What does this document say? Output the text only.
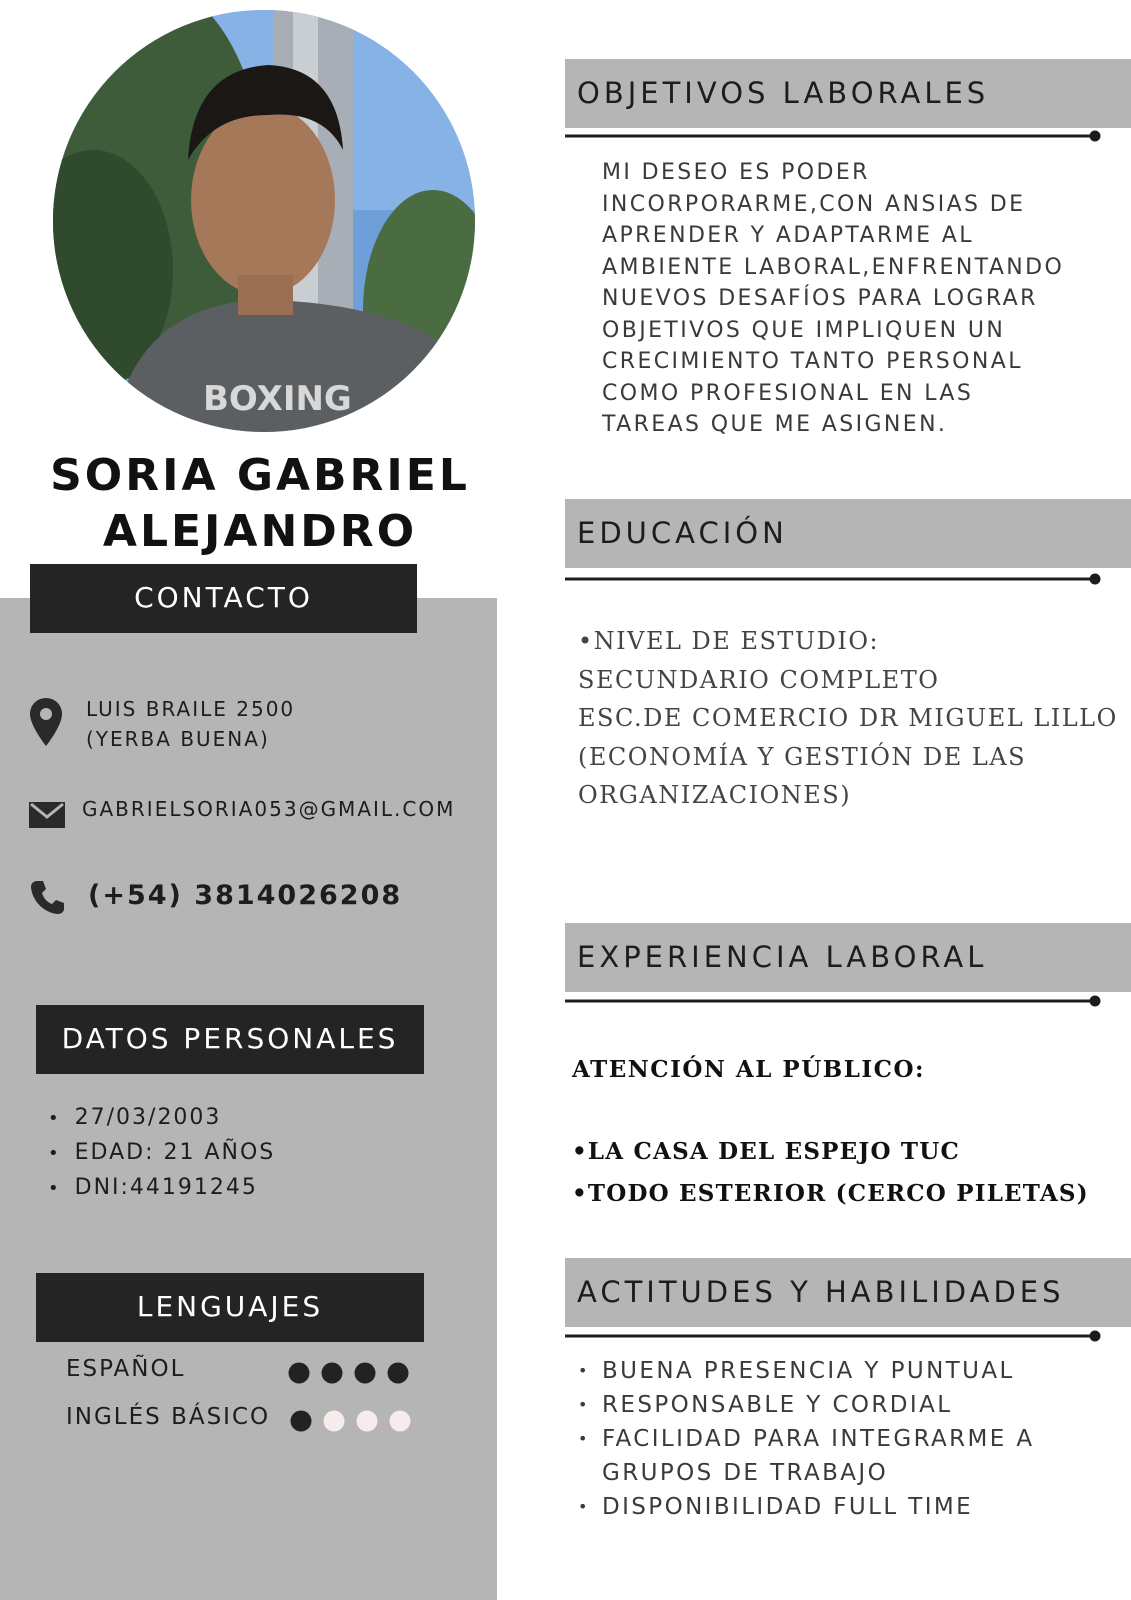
BOXING
SORIA GABRIEL
ALEJANDRO
CONTACTO
LUIS BRAILE 2500
(YERBA BUENA)
GABRIELSORIA053@GMAIL.COM
(+54) 3814026208
DATOS PERSONALES
• 27/03/2003
• EDAD: 21 AÑOS
• DNI:44191245
LENGUAJES
ESPAÑOL
INGLÉS BÁSICO
OBJETIVOS LABORALES
MI DESEO ES PODER
INCORPORARME,CON ANSIAS DE
APRENDER Y ADAPTARME AL
AMBIENTE LABORAL,ENFRENTANDO
NUEVOS DESAFÍOS PARA LOGRAR
OBJETIVOS QUE IMPLIQUEN UN
CRECIMIENTO TANTO PERSONAL
COMO PROFESIONAL EN LAS
TAREAS QUE ME ASIGNEN.
EDUCACIÓN
•NIVEL DE ESTUDIO:
SECUNDARIO COMPLETO
ESC.DE COMERCIO DR MIGUEL LILLO
(ECONOMÍA Y GESTIÓN DE LAS
ORGANIZACIONES)
EXPERIENCIA LABORAL
ATENCIÓN AL PÚBLICO:
•LA CASA DEL ESPEJO TUC
•TODO ESTERIOR (CERCO PILETAS)
ACTITUDES Y HABILIDADES
• BUENA PRESENCIA Y PUNTUAL
• RESPONSABLE Y CORDIAL
• FACILIDAD PARA INTEGRARME A GRUPOS DE TRABAJO
• DISPONIBILIDAD FULL TIME
